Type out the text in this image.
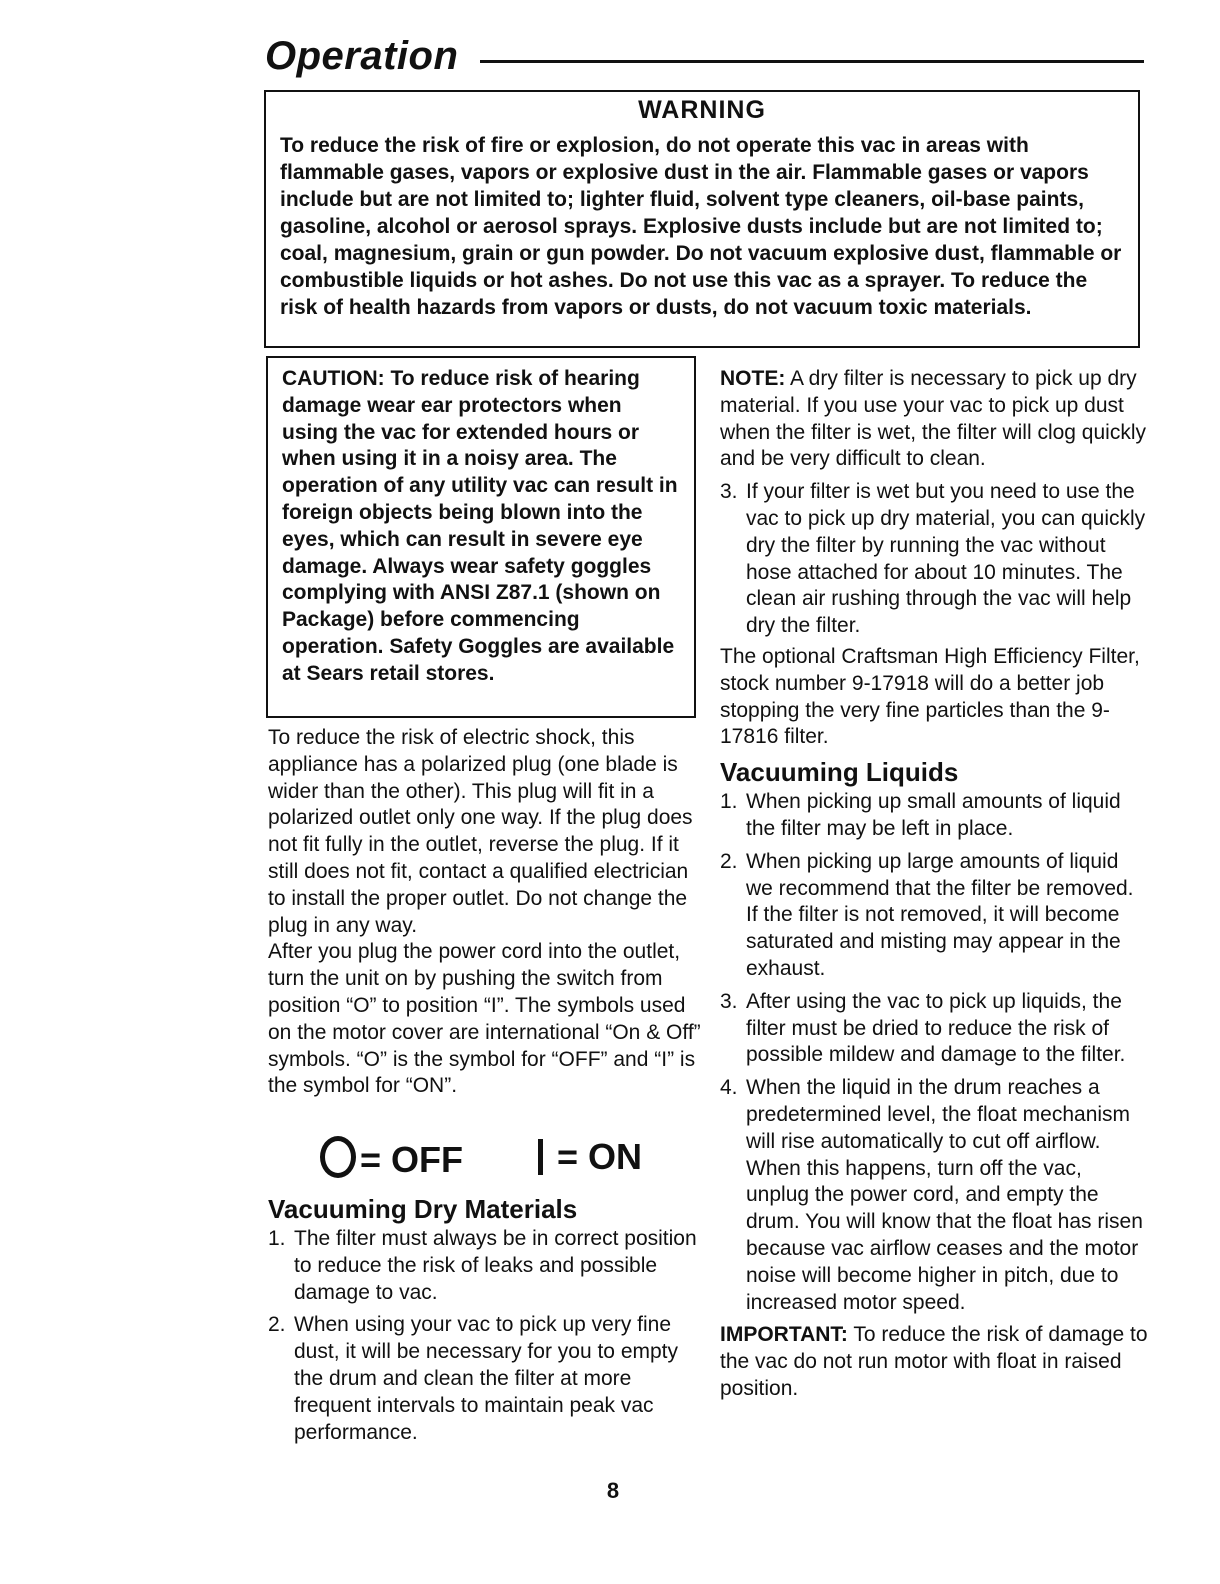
Operation
WARNING

To reduce the risk of fire or explosion, do not operate this vac in areas with flammable gases, vapors or explosive dust in the air. Flammable gases or vapors include but are not limited to; lighter fluid, solvent type cleaners, oil-base paints, gasoline, alcohol or aerosol sprays. Explosive dusts include but are not limited to; coal, magnesium, grain or gun powder. Do not vacuum explosive dust, flammable or combustible liquids or hot ashes. Do not use this vac as a sprayer. To reduce the risk of health hazards from vapors or dusts, do not vacuum toxic materials.

CAUTION: To reduce risk of hearing damage wear ear protectors when using the vac for extended hours or when using it in a noisy area. The operation of any utility vac can result in foreign objects being blown into the eyes, which can result in severe eye damage. Always wear safety goggles complying with ANSI Z87.1 (shown on Package) before commencing operation. Safety Goggles are available at Sears retail stores.

To reduce the risk of electric shock, this appliance has a polarized plug (one blade is wider than the other). This plug will fit in a polarized outlet only one way. If the plug does not fit fully in the outlet, reverse the plug. If it still does not fit, contact a qualified electrician to install the proper outlet. Do not change the plug in any way.

After you plug the power cord into the outlet, turn the unit on by pushing the switch from position “O” to position “I”. The symbols used on the motor cover are international “On & Off” symbols. “O” is the symbol for “OFF” and “I” is the symbol for “ON”.

= OFF	= ON
Vacuuming Dry Materials
1. The filter must always be in correct position to reduce the risk of leaks and possible damage to vac.
2. When using your vac to pick up very fine dust, it will be necessary for you to empty the drum and clean the filter at more frequent intervals to maintain peak vac performance.

NOTE: A dry filter is necessary to pick up dry material. If you use your vac to pick up dust when the filter is wet, the filter will clog quickly and be very difficult to clean.

3. If your filter is wet but you need to use the vac to pick up dry material, you can quickly dry the filter by running the vac without hose attached for about 10 minutes. The clean air rushing through the vac will help dry the filter.

The optional Craftsman High Efficiency Filter, stock number 9-17918 will do a better job stopping the very fine particles than the 9-17816 filter.

Vacuuming Liquids
1. When picking up small amounts of liquid the filter may be left in place.
2. When picking up large amounts of liquid we recommend that the filter be removed. If the filter is not removed, it will become saturated and misting may appear in the exhaust.
3. After using the vac to pick up liquids, the filter must be dried to reduce the risk of possible mildew and damage to the filter.
4. When the liquid in the drum reaches a predetermined level, the float mechanism will rise automatically to cut off airflow. When this happens, turn off the vac, unplug the power cord, and empty the drum. You will know that the float has risen because vac airflow ceases and the motor noise will become higher in pitch, due to increased motor speed.

IMPORTANT: To reduce the risk of damage to the vac do not run motor with float in raised position.

8
